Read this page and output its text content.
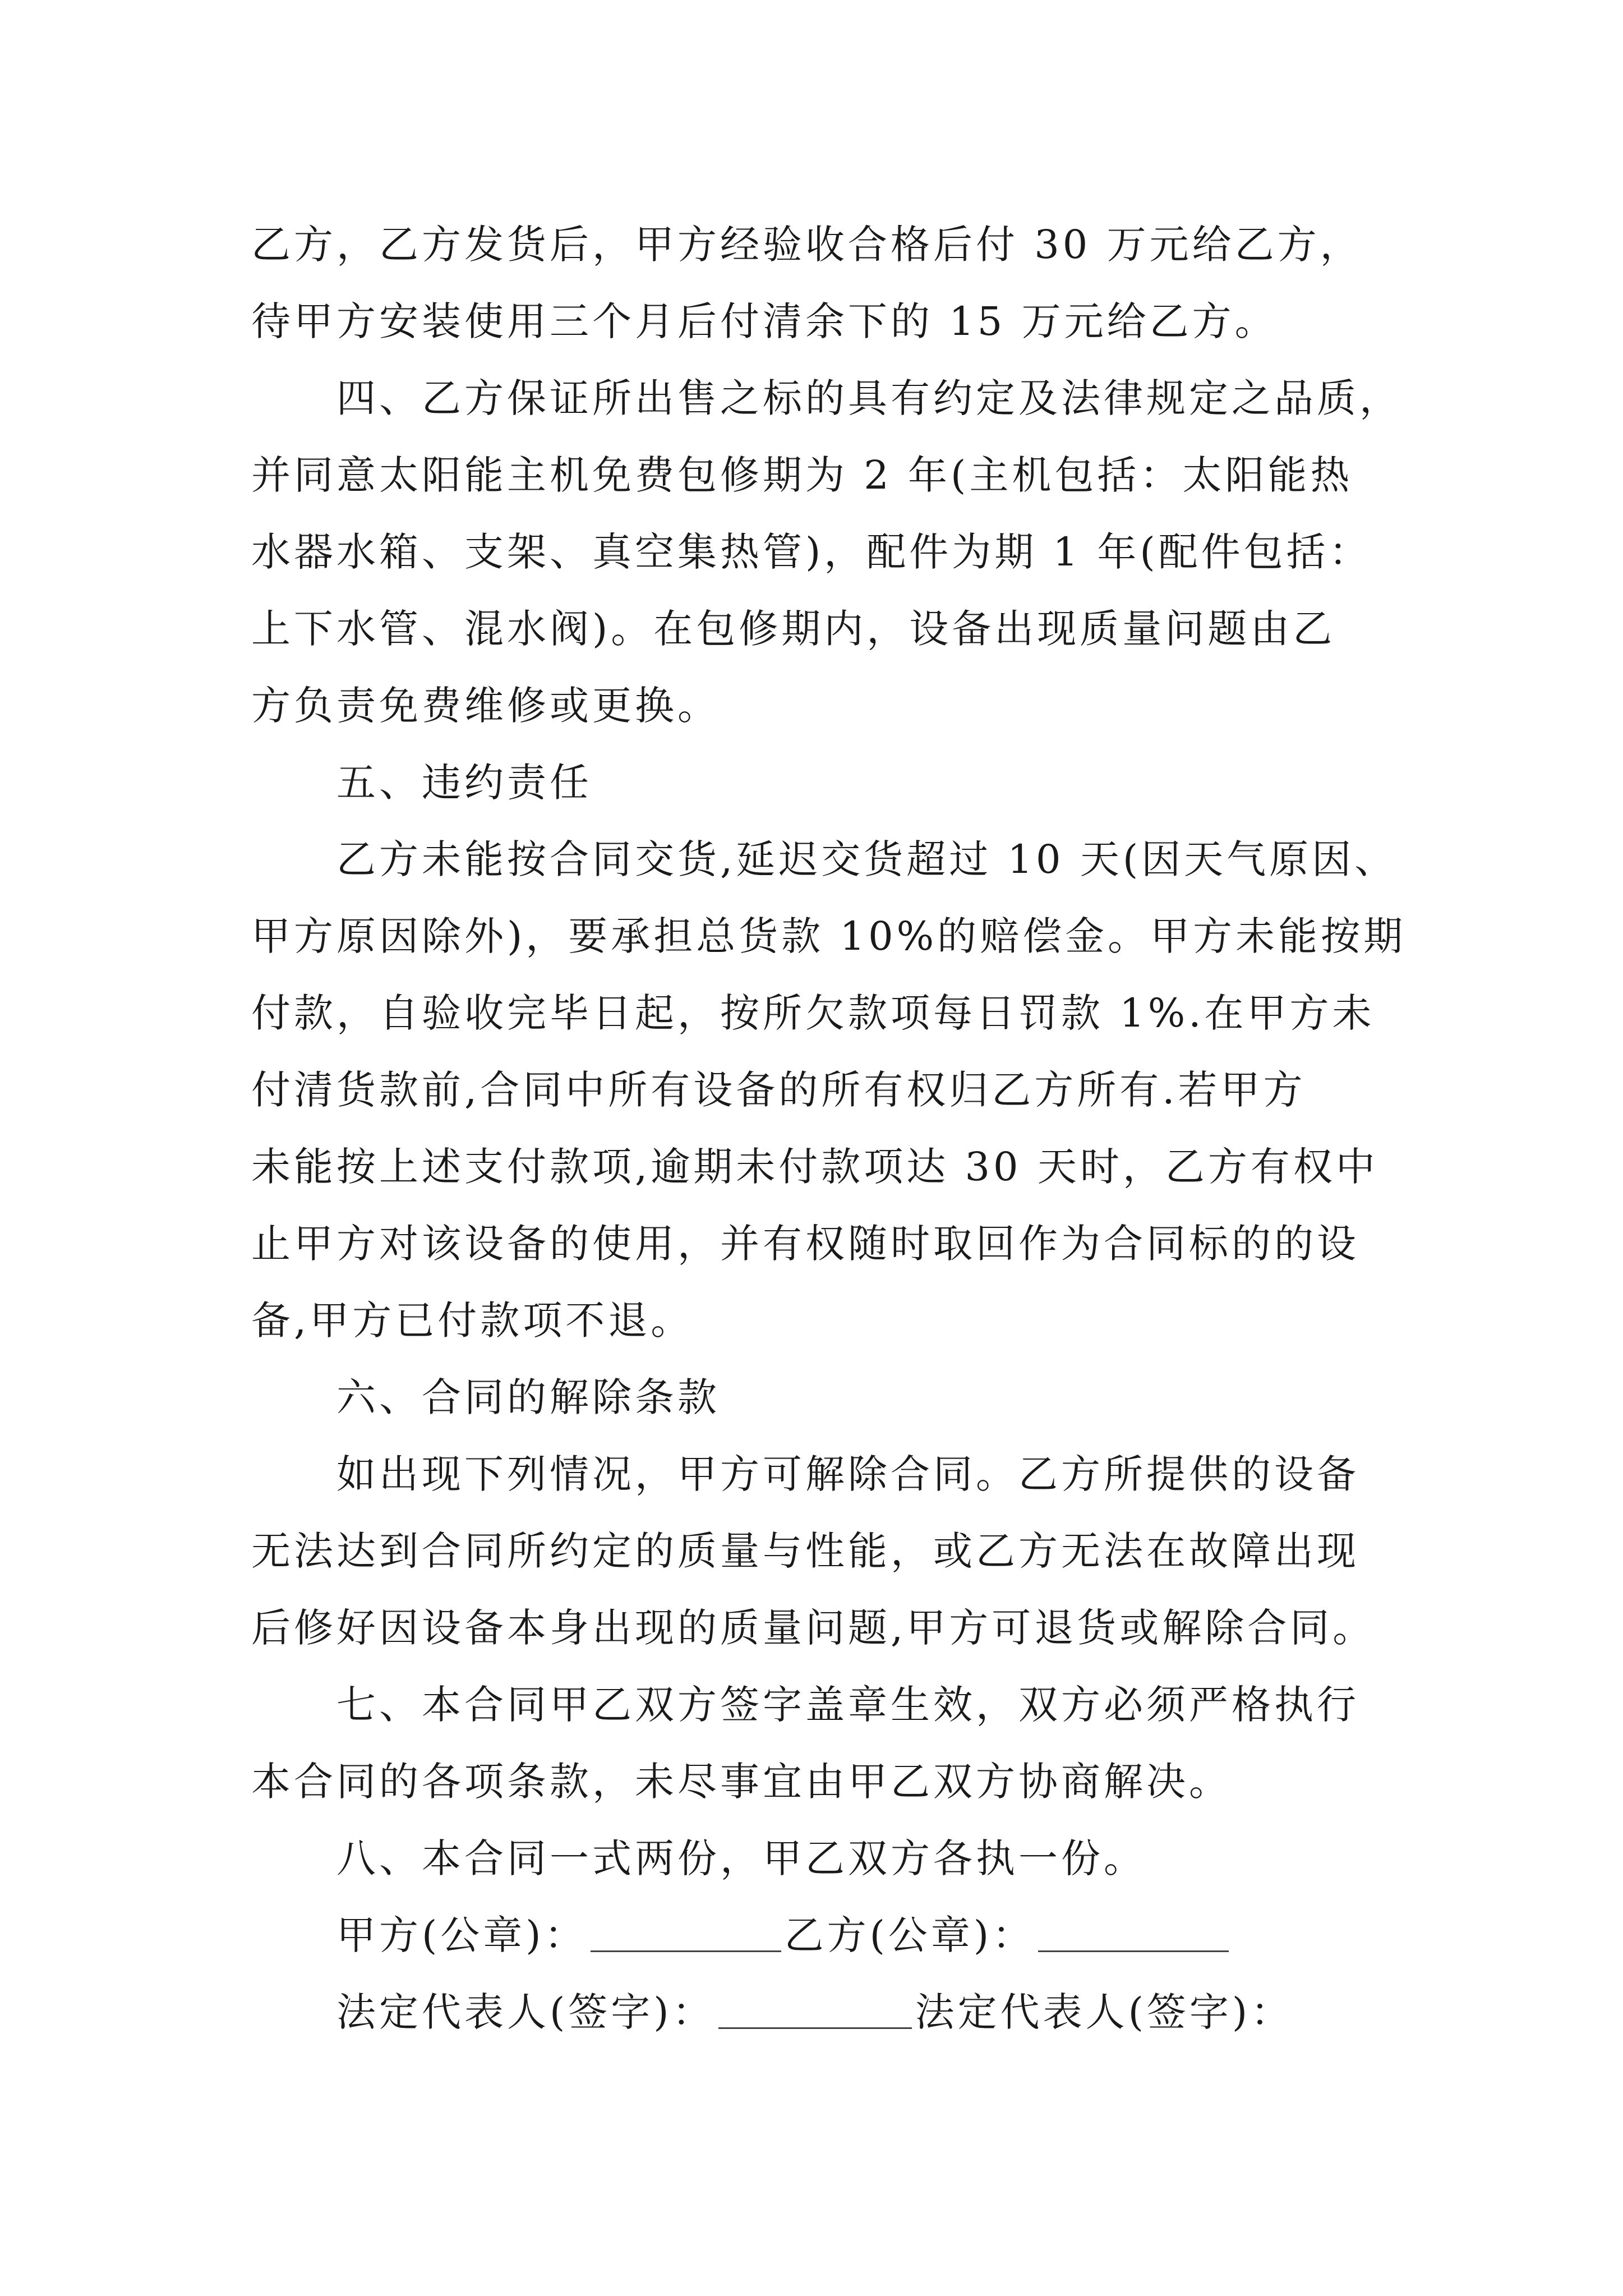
乙方，乙方发货后，甲方经验收合格后付 30 万元给乙方，
待甲方安装使用三个月后付清余下的 15 万元给乙方。
四、乙方保证所出售之标的具有约定及法律规定之品质，
并同意太阳能主机免费包修期为 2 年(主机包括：太阳能热
水器水箱、支架、真空集热管)，配件为期 1 年(配件包括：
上下水管、混水阀)。在包修期内，设备出现质量问题由乙
方负责免费维修或更换。
五、违约责任
乙方未能按合同交货,延迟交货超过 10 天(因天气原因、
甲方原因除外)，要承担总货款 10%的赔偿金。甲方未能按期
付款，自验收完毕日起，按所欠款项每日罚款 1%.在甲方未
付清货款前,合同中所有设备的所有权归乙方所有.若甲方
未能按上述支付款项,逾期未付款项达 30 天时，乙方有权中
止甲方对该设备的使用，并有权随时取回作为合同标的的设
备,甲方已付款项不退。
六、合同的解除条款
如出现下列情况，甲方可解除合同。乙方所提供的设备
无法达到合同所约定的质量与性能，或乙方无法在故障出现
后修好因设备本身出现的质量问题,甲方可退货或解除合同。
七、本合同甲乙双方签字盖章生效，双方必须严格执行
本合同的各项条款，未尽事宜由甲乙双方协商解决。
八、本合同一式两份，甲乙双方各执一份。
甲方(公章)：	乙方(公章)：
法定代表人(签字)：	法定代表人(签字)：
